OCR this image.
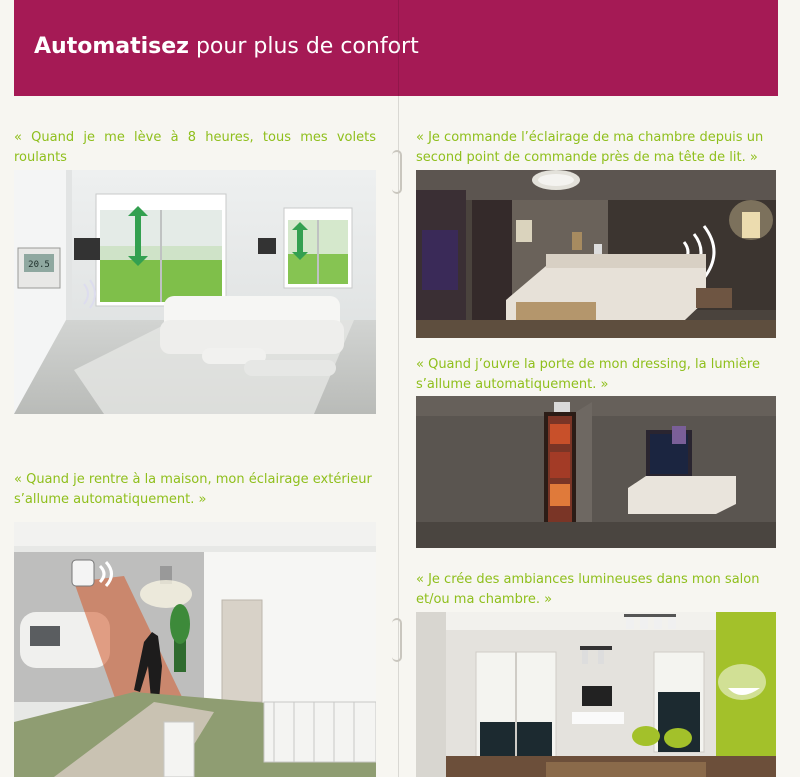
Automatisez pour plus de confort

« Quand je me lève à 8 heures, tous mes volets roulants

20.5

« Quand je rentre à la maison, mon éclairage extérieur
s’allume automatiquement. »

« Je commande l’éclairage de ma chambre depuis un
second point de commande près de ma tête de lit. »

« Quand j’ouvre la porte de mon dressing, la lumière
s’allume automatiquement. »

« Je crée des ambiances lumineuses dans mon salon
et/ou ma chambre. »
